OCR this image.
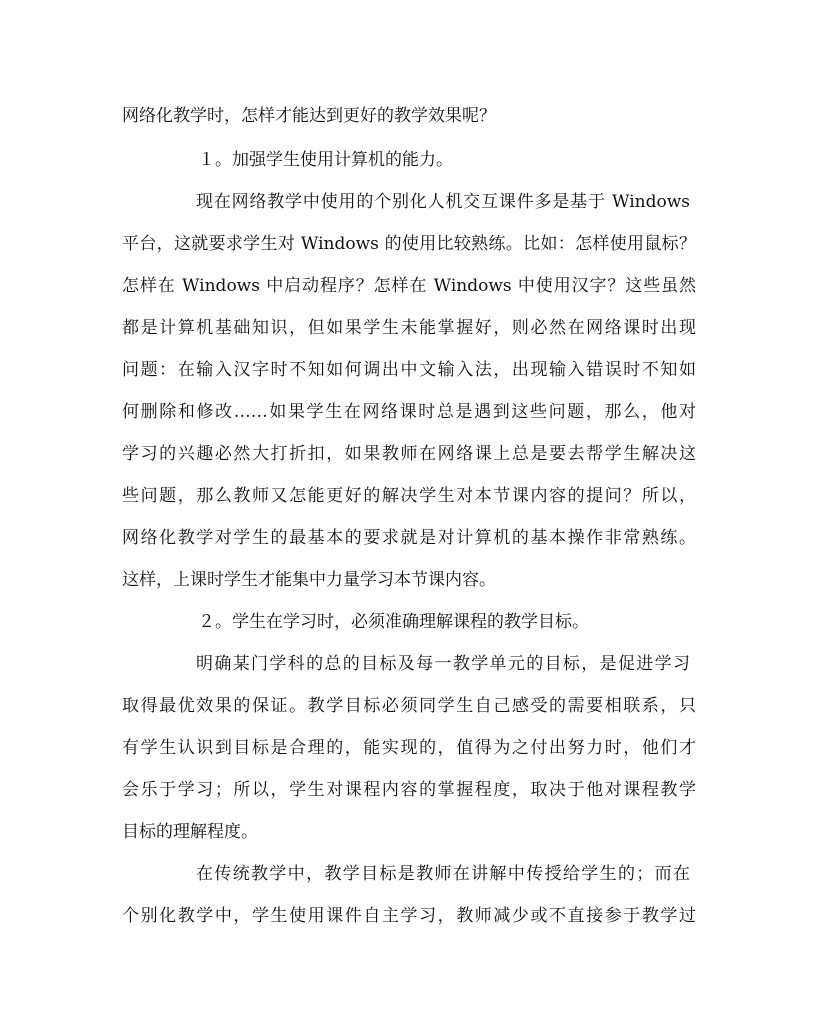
网络化教学时，怎样才能达到更好的教学效果呢？
１。加强学生使用计算机的能力。
现在网络教学中使用的个别化人机交互课件多是基于 Windows
平台，这就要求学生对 Windows 的使用比较熟练。比如：怎样使用鼠标？
怎样在 Windows 中启动程序？怎样在 Windows 中使用汉字？这些虽然
都是计算机基础知识，但如果学生未能掌握好，则必然在网络课时出现
问题：在输入汉字时不知如何调出中文输入法，出现输入错误时不知如
何删除和修改……如果学生在网络课时总是遇到这些问题，那么，他对
学习的兴趣必然大打折扣，如果教师在网络课上总是要去帮学生解决这
些问题，那么教师又怎能更好的解决学生对本节课内容的提问？所以，
网络化教学对学生的最基本的要求就是对计算机的基本操作非常熟练。
这样，上课时学生才能集中力量学习本节课内容。
２。学生在学习时，必须准确理解课程的教学目标。
明确某门学科的总的目标及每一教学单元的目标，是促进学习
取得最优效果的保证。教学目标必须同学生自己感受的需要相联系，只
有学生认识到目标是合理的，能实现的，值得为之付出努力时，他们才
会乐于学习；所以，学生对课程内容的掌握程度，取决于他对课程教学
目标的理解程度。
在传统教学中，教学目标是教师在讲解中传授给学生的；而在
个别化教学中，学生使用课件自主学习，教师减少或不直接参于教学过
